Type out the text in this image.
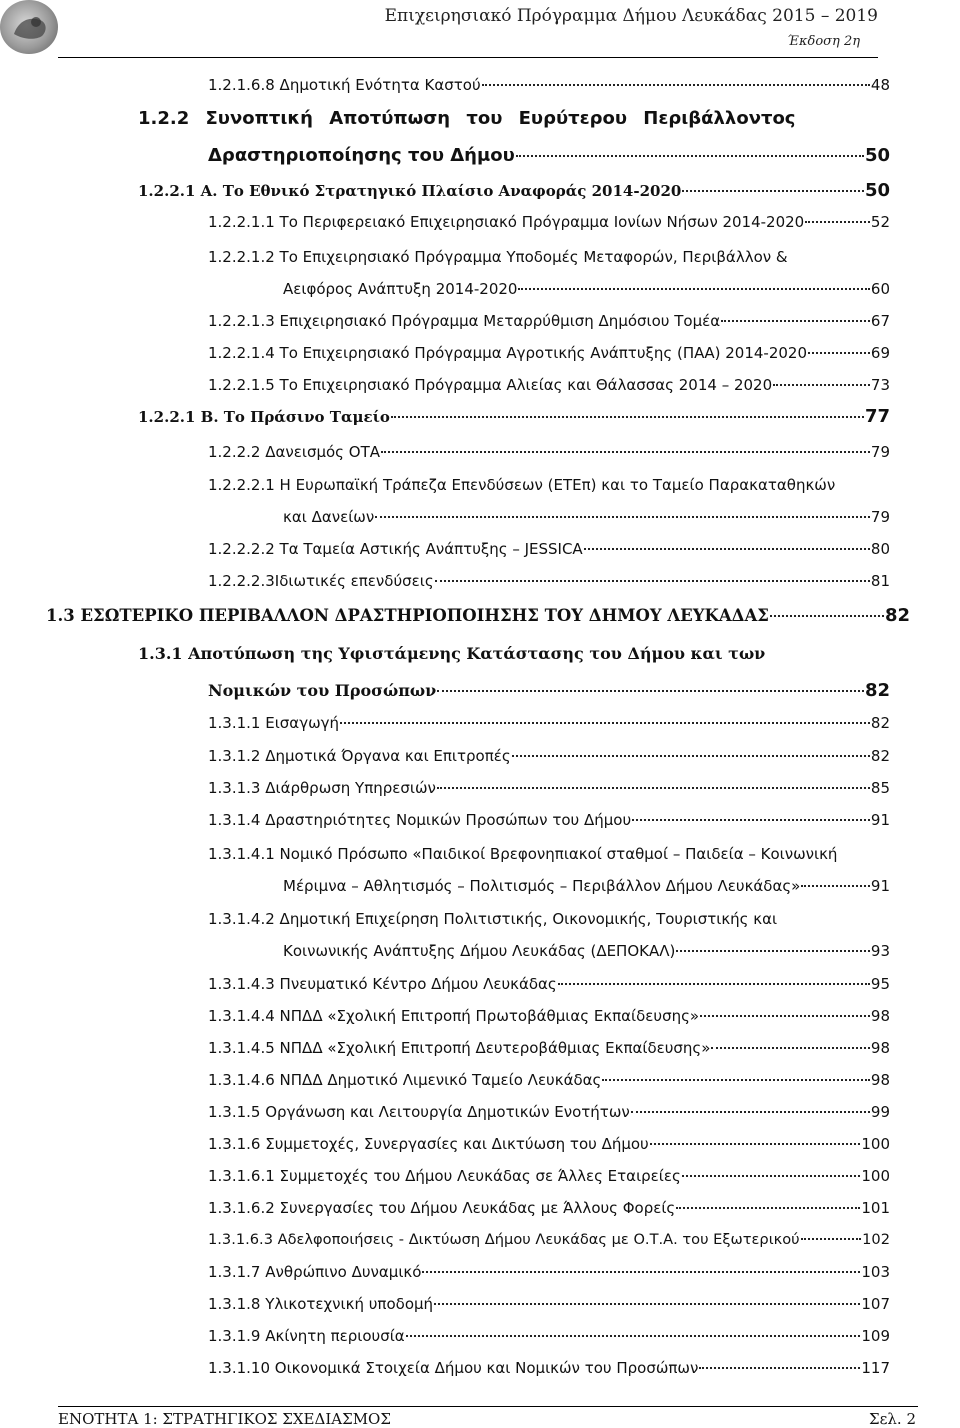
Επιχειρησιακό Πρόγραμμα Δήμου Λευκάδας 2015 – 2019
Έκδοση 2η
1.2.1.6.8 Δημοτική Ενότητα Καστού	48
1.2.2 Συνοπτική Αποτύπωση του Ευρύτερου Περιβάλλοντος
Δραστηριοποίησης του Δήμου	50
1.2.2.1 Α. Το Εθνικό Στρατηγικό Πλαίσιο Αναφοράς 2014-2020	50
1.2.2.1.1 Το Περιφερειακό Επιχειρησιακό Πρόγραμμα Ιονίων Νήσων 2014-2020	52
1.2.2.1.2 Το Επιχειρησιακό Πρόγραμμα Υποδομές Μεταφορών, Περιβάλλον &
Αειφόρος Ανάπτυξη 2014-2020	60
1.2.2.1.3 Επιχειρησιακό Πρόγραμμα Μεταρρύθμιση Δημόσιου Τομέα	67
1.2.2.1.4 Το Επιχειρησιακό Πρόγραμμα Αγροτικής Ανάπτυξης (ΠΑΑ) 2014-2020	69
1.2.2.1.5 Το Επιχειρησιακό Πρόγραμμα Αλιείας και Θάλασσας 2014 – 2020	73
1.2.2.1 Β. Το Πράσινο Ταμείο	77
1.2.2.2 Δανεισμός ΟΤΑ	79
1.2.2.2.1 Η Ευρωπαϊκή Τράπεζα Επενδύσεων (ΕΤΕπ) και το Ταμείο Παρακαταθηκών
και Δανείων	79
1.2.2.2.2 Τα Ταμεία Αστικής Ανάπτυξης – JESSICA	80
1.2.2.2.3Ιδιωτικές επενδύσεις	81
1.3 ΕΣΩΤΕΡΙΚΟ ΠΕΡΙΒΑΛΛΟΝ ΔΡΑΣΤΗΡΙΟΠΟΙΗΣΗΣ ΤΟΥ ΔΗΜΟΥ ΛΕΥΚΑΔΑΣ	82
1.3.1 Αποτύπωση της Υφιστάμενης Κατάστασης του Δήμου και των
Νομικών του Προσώπων	82
1.3.1.1 Εισαγωγή	82
1.3.1.2 Δημοτικά Όργανα και Επιτροπές	82
1.3.1.3 Διάρθρωση Υπηρεσιών	85
1.3.1.4 Δραστηριότητες Νομικών Προσώπων του Δήμου	91
1.3.1.4.1 Νομικό Πρόσωπο «Παιδικοί Βρεφονηπιακοί σταθμοί – Παιδεία – Κοινωνική
Μέριμνα – Αθλητισμός – Πολιτισμός – Περιβάλλον Δήμου Λευκάδας»	91
1.3.1.4.2 Δημοτική Επιχείρηση Πολιτιστικής, Οικονομικής, Τουριστικής και
Κοινωνικής Ανάπτυξης Δήμου Λευκάδας (ΔΕΠΟΚΑΛ)	93
1.3.1.4.3 Πνευματικό Κέντρο Δήμου Λευκάδας	95
1.3.1.4.4 ΝΠΔΔ «Σχολική Επιτροπή Πρωτοβάθμιας Εκπαίδευσης»	98
1.3.1.4.5 ΝΠΔΔ «Σχολική Επιτροπή Δευτεροβάθμιας Εκπαίδευσης»	98
1.3.1.4.6 ΝΠΔΔ Δημοτικό Λιμενικό Ταμείο Λευκάδας	98
1.3.1.5 Οργάνωση και Λειτουργία Δημοτικών Ενοτήτων	99
1.3.1.6 Συμμετοχές, Συνεργασίες και Δικτύωση του Δήμου	100
1.3.1.6.1 Συμμετοχές του Δήμου Λευκάδας σε Άλλες Εταιρείες	100
1.3.1.6.2 Συνεργασίες του Δήμου Λευκάδας με Άλλους Φορείς	101
1.3.1.6.3 Αδελφοποιήσεις - Δικτύωση Δήμου Λευκάδας με Ο.Τ.Α. του Εξωτερικού	102
1.3.1.7 Ανθρώπινο Δυναμικό	103
1.3.1.8 Υλικοτεχνική υποδομή	107
1.3.1.9 Ακίνητη περιουσία	109
1.3.1.10 Οικονομικά Στοιχεία Δήμου και Νομικών του Προσώπων	117
ΕΝΟΤΗΤΑ 1: ΣΤΡΑΤΗΓΙΚΟΣ ΣΧΕΔΙΑΣΜΟΣ	Σελ. 2
